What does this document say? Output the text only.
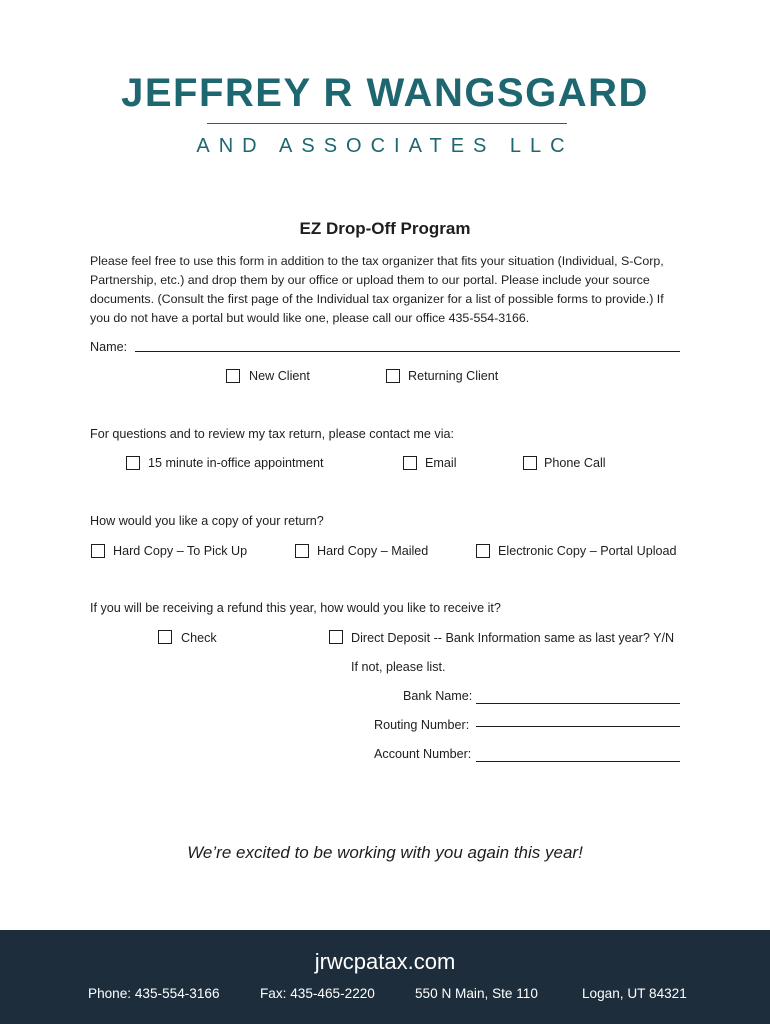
JEFFREY R WANGSGARD
AND ASSOCIATES LLC
EZ Drop-Off Program
Please feel free to use this form in addition to the tax organizer that fits your situation (Individual, S-Corp, Partnership, etc.) and drop them by our office or upload them to our portal. Please include your source documents. (Consult the first page of the Individual tax organizer for a list of possible forms to provide.) If you do not have a portal but would like one, please call our office 435-554-3166.
Name:
New Client	Returning Client
For questions and to review my tax return, please contact me via:
15 minute in-office appointment	Email	Phone Call
How would you like a copy of your return?
Hard Copy – To Pick Up	Hard Copy – Mailed	Electronic Copy – Portal Upload
If you will be receiving a refund this year, how would you like to receive it?
Check	Direct Deposit -- Bank Information same as last year? Y/N
If not, please list.
Bank Name:
Routing Number:
Account Number:
We’re excited to be working with you again this year!
jrwcpatax.com
Phone: 435-554-3166	Fax: 435-465-2220	550 N Main, Ste 110	Logan, UT 84321
